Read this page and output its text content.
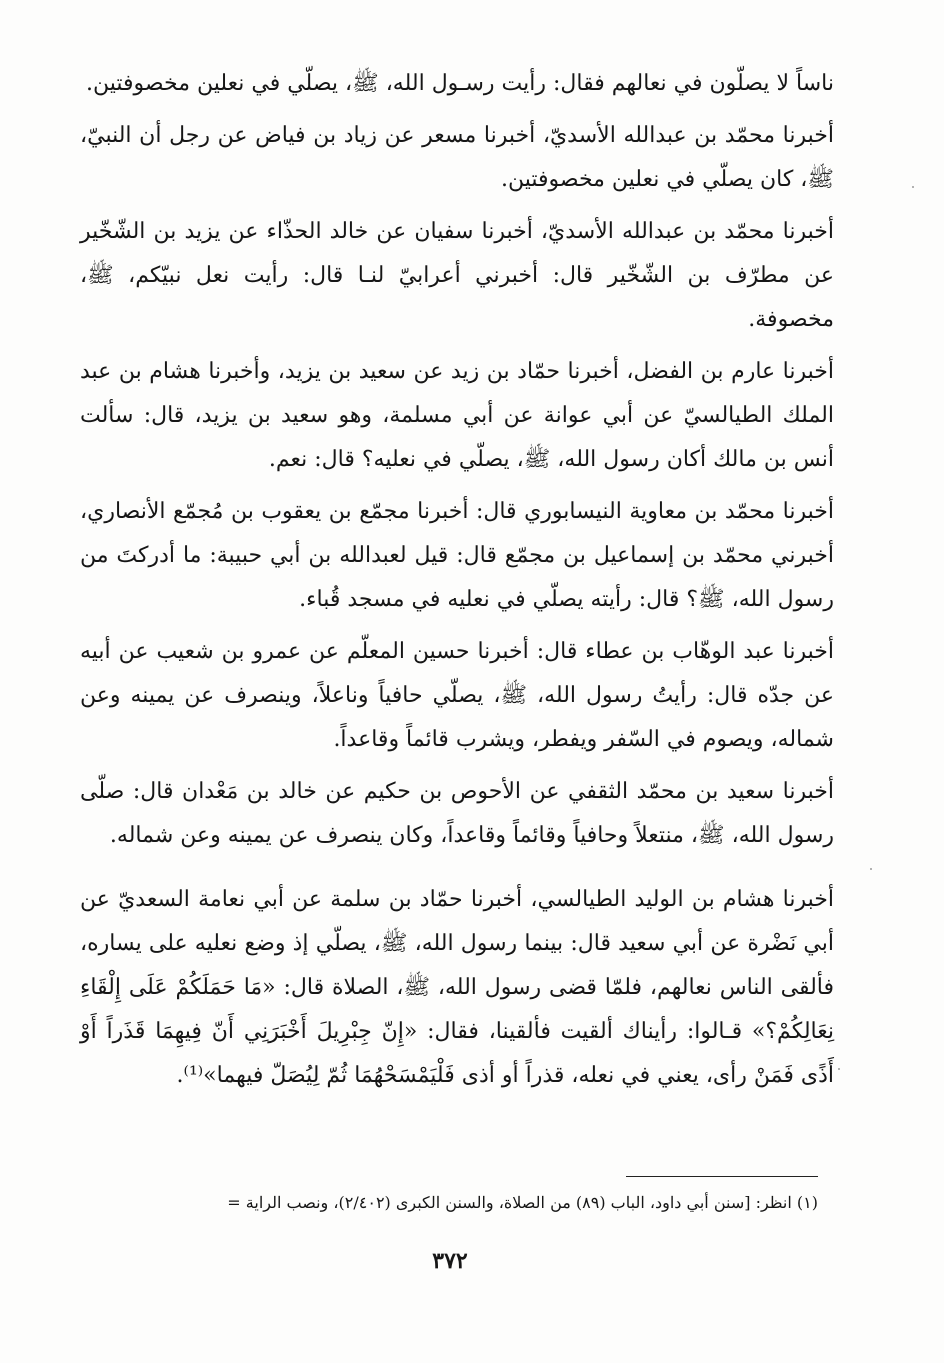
ناساً لا يصلّون في نعالهم فقال: رأيت رسـول الله، ﷺ، يصلّي في نعلين مخصوفتين.

أخبرنا محمّد بن عبدالله الأسديّ، أخبرنا مسعر عن زياد بن فياض عن رجل أن النبيّ، ﷺ، كان يصلّي في نعلين مخصوفتين.

أخبرنا محمّد بن عبدالله الأسديّ، أخبرنا سفيان عن خالد الحذّاء عن يزيد بن الشّخّير عن مطرّف بن الشّخّير قال: أخبرني أعرابيّ لنـا قال: رأيت نعل نبيّكم، ﷺ، مخصوفة.

أخبرنا عارم بن الفضل، أخبرنا حمّاد بن زيد عن سعيد بن يزيد، وأخبرنا هشام بن عبد الملك الطيالسيّ عن أبي عوانة عن أبي مسلمة، وهو سعيد بن يزيد، قال: سألت أنس بن مالك أكان رسول الله، ﷺ، يصلّي في نعليه؟ قال: نعم.

أخبرنا محمّد بن معاوية النيسابوري قال: أخبرنا مجمّع بن يعقوب بن مُجمّع الأنصاري، أخبرني محمّد بن إسماعيل بن مجمّع قال: قيل لعبدالله بن أبي حبيبة: ما أدركتَ من رسول الله، ﷺ؟ قال: رأيته يصلّي في نعليه في مسجد قُباء.

أخبرنا عبد الوهّاب بن عطاء قال: أخبرنا حسين المعلّم عن عمرو بن شعيب عن أبيه عن جدّه قال: رأيتُ رسول الله، ﷺ، يصلّي حافياً وناعلاً، وينصرف عن يمينه وعن شماله، ويصوم في السّفر ويفطر، ويشرب قائماً وقاعداً.

أخبرنا سعيد بن محمّد الثقفي عن الأحوص بن حكيم عن خالد بن مَعْدان قال: صلّى رسول الله، ﷺ، منتعلاً وحافياً وقائماً وقاعداً، وكان ينصرف عن يمينه وعن شماله.

أخبرنا هشام بن الوليد الطيالسي، أخبرنا حمّاد بن سلمة عن أبي نعامة السعديّ عن أبي نَضْرة عن أبي سعيد قال: بينما رسول الله، ﷺ، يصلّي إذ وضع نعليه على يساره، فألقى الناس نعالهم، فلمّا قضى رسول الله، ﷺ، الصلاة قال: «مَا حَمَلَكُمْ عَلَى إِلْقَاءِ نِعَالِكُمْ؟» قـالوا: رأيناك ألقيت فألقينا، فقال: «إِنّ جِبْرِيلَ أَخْبَرَنِي أَنّ فِيهِمَا قَذَراً أَوْ أَذًى فَمَنْ رأى، يعني في نعله، قذراً أو أذى فَلْيَمْسَحْهُمَا ثُمّ لِيُصَلّ فيهما»⁽¹⁾.

(١) انظر: [سنن أبي داود، الباب (٨٩) من الصلاة، والسنن الكبرى (٢/٤٠٢)، ونصب الراية =
٣٧٢
